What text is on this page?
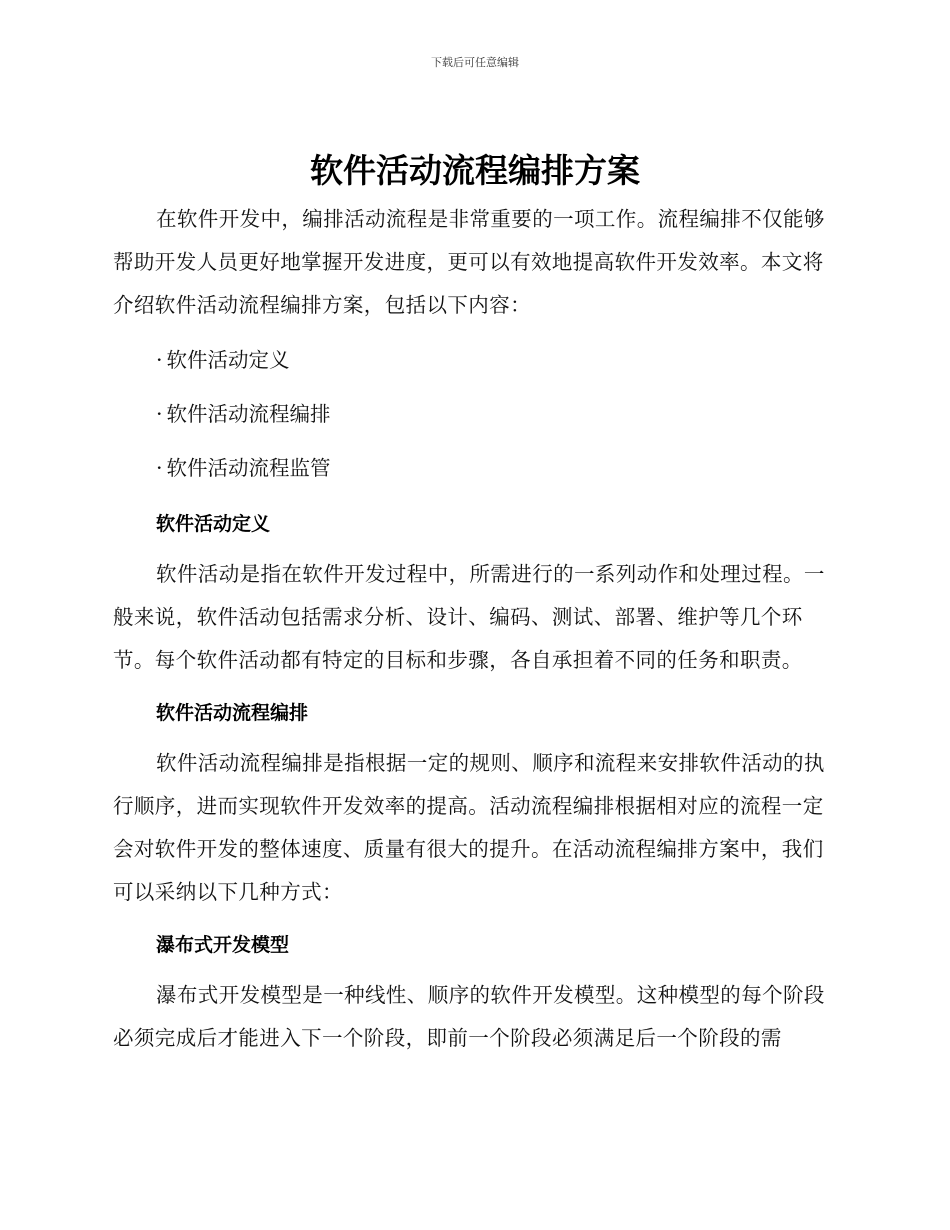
下载后可任意编辑
软件活动流程编排方案

在软件开发中，编排活动流程是非常重要的一项工作。流程编排不仅能够帮助开发人员更好地掌握开发进度，更可以有效地提高软件开发效率。本文将介绍软件活动流程编排方案，包括以下内容：

· 软件活动定义
· 软件活动流程编排
· 软件活动流程监管
软件活动定义

软件活动是指在软件开发过程中，所需进行的一系列动作和处理过程。一般来说，软件活动包括需求分析、设计、编码、测试、部署、维护等几个环节。每个软件活动都有特定的目标和步骤，各自承担着不同的任务和职责。

软件活动流程编排

软件活动流程编排是指根据一定的规则、顺序和流程来安排软件活动的执行顺序，进而实现软件开发效率的提高。活动流程编排根据相对应的流程一定会对软件开发的整体速度、质量有很大的提升。在活动流程编排方案中，我们可以采纳以下几种方式：

瀑布式开发模型

瀑布式开发模型是一种线性、顺序的软件开发模型。这种模型的每个阶段必须完成后才能进入下一个阶段，即前一个阶段必须满足后一个阶段的需
